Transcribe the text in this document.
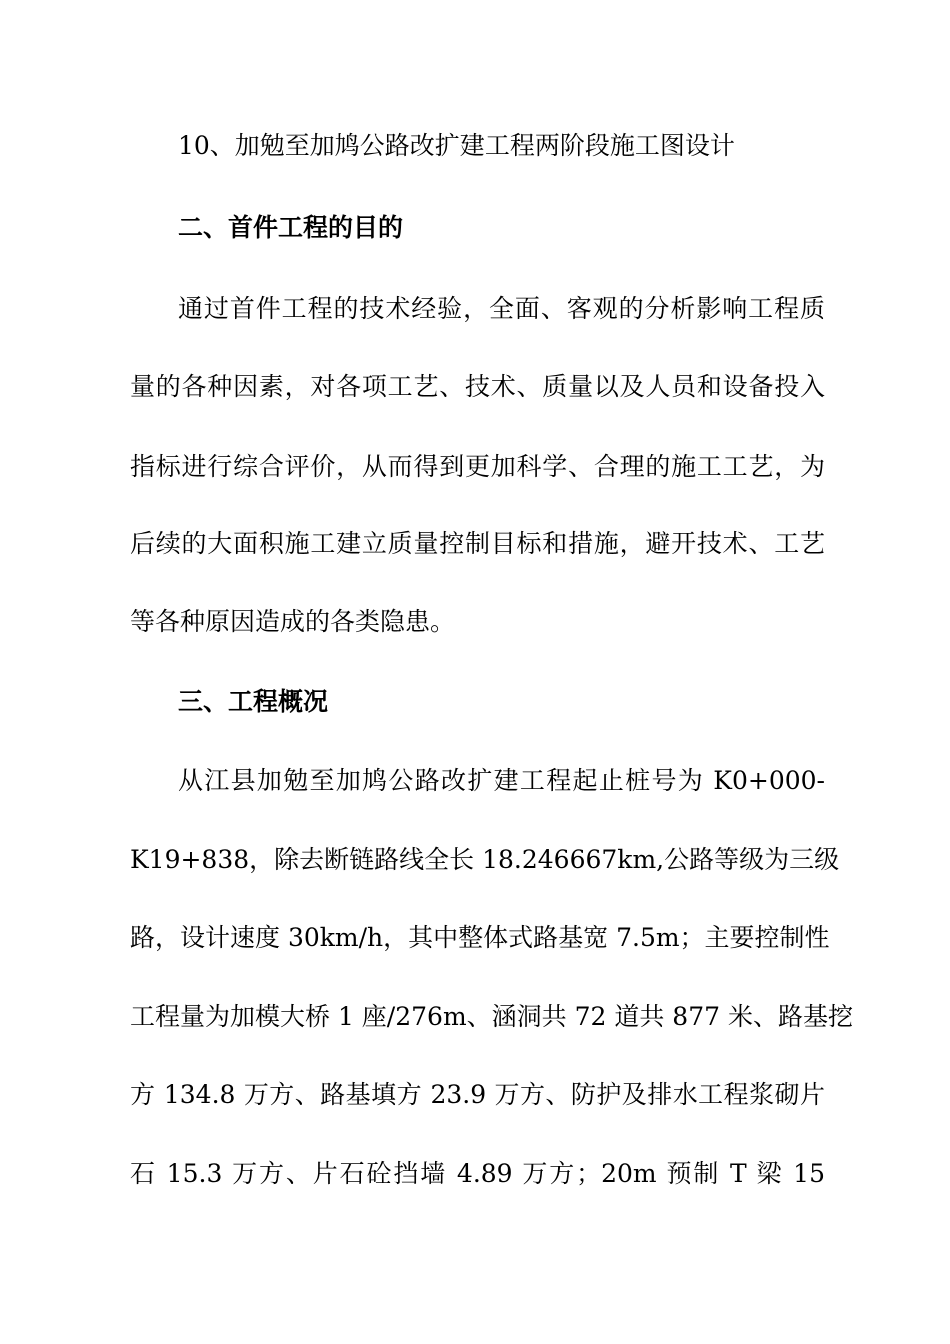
10、加勉至加鸠公路改扩建工程两阶段施工图设计
二、首件工程的目的
通过首件工程的技术经验，全面、客观的分析影响工程质
量的各种因素，对各项工艺、技术、质量以及人员和设备投入
指标进行综合评价，从而得到更加科学、合理的施工工艺，为
后续的大面积施工建立质量控制目标和措施，避开技术、工艺
等各种原因造成的各类隐患。
三、工程概况
从江县加勉至加鸠公路改扩建工程起止桩号为 K0+000-
K19+838，除去断链路线全长 18.246667km,公路等级为三级
路，设计速度 30km/h，其中整体式路基宽 7.5m；主要控制性
工程量为加模大桥 1 座/276m、涵洞共 72 道共 877 米、路基挖
方 134.8 万方、路基填方 23.9 万方、防护及排水工程浆砌片
石 15.3 万方、片石砼挡墙 4.89 万方；20m 预制 T 梁 15
